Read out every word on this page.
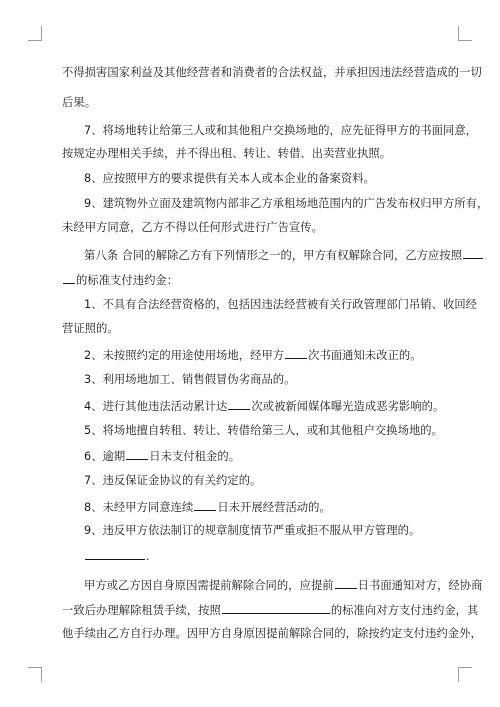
不得损害国家利益及其他经营者和消费者的合法权益，并承担因违法经营造成的一切
后果。
7、将场地转让给第三人或和其他租户交换场地的，应先征得甲方的书面同意，
按规定办理相关手续，并不得出租、转让、转借、出卖营业执照。
8、应按照甲方的要求提供有关本人或本企业的备案资料。
9、建筑物外立面及建筑物内部非乙方承租场地范围内的广告发布权归甲方所有，
未经甲方同意，乙方不得以任何形式进行广告宣传。
第八条 合同的解除乙方有下列情形之一的，甲方有权解除合同，乙方应按照
的标准支付违约金：
1、不具有合法经营资格的，包括因违法经营被有关行政管理部门吊销、收回经
营证照的。
2、未按照约定的用途使用场地，经甲方 次书面通知未改正的。
3、利用场地加工、销售假冒伪劣商品的。
4、进行其他违法活动累计达 次或被新闻媒体曝光造成恶劣影响的。
5、将场地擅自转租、转让、转借给第三人，或和其他租户交换场地的。
6、逾期 日未支付租金的。
7、违反保证金协议的有关约定的。
8、未经甲方同意连续 日未开展经营活动的。
9、违反甲方依法制订的规章制度情节严重或拒不服从甲方管理的。
.
甲方或乙方因自身原因需提前解除合同的，应提前 日书面通知对方，经协商
一致后办理解除租赁手续，按照	的标准向对方支付违约金，其
他手续由乙方自行办理。因甲方自身原因提前解除合同的，除按约定支付违约金外，
